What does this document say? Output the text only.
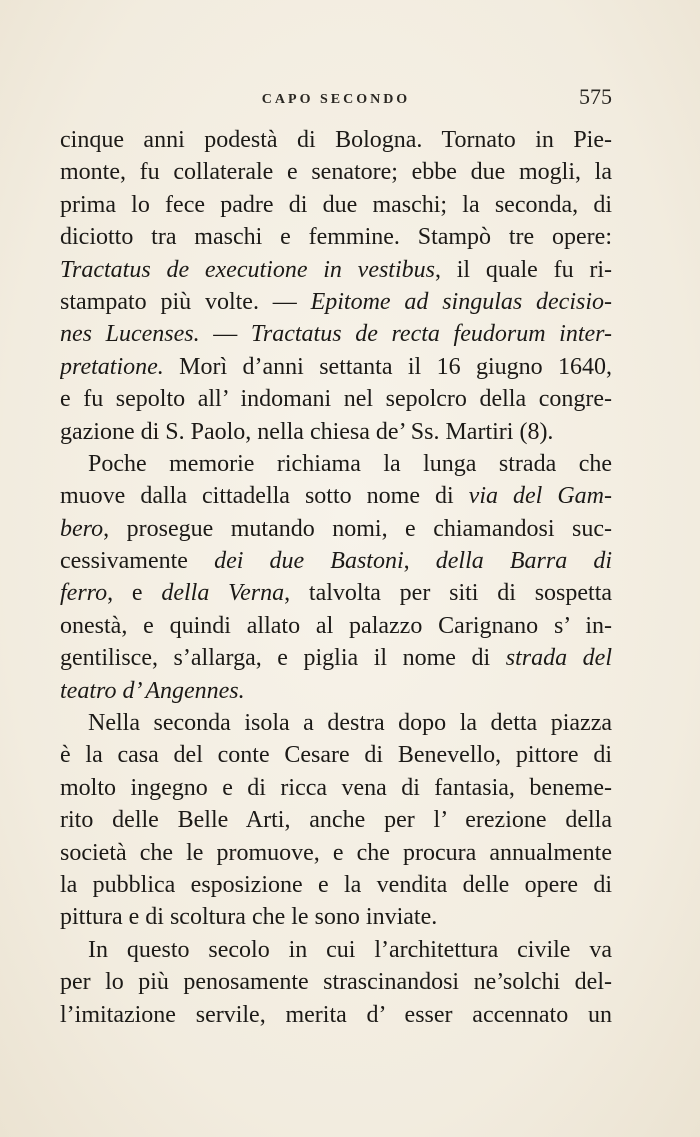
CAPO SECONDO	575
cinque anni podestà di Bologna. Tornato in Pie-
monte, fu collaterale e senatore; ebbe due mogli, la
prima lo fece padre di due maschi; la seconda, di
diciotto tra maschi e femmine. Stampò tre opere:
Tractatus de executione in vestibus, il quale fu ri-
stampato più volte. — Epitome ad singulas decisio-
nes Lucenses. — Tractatus de recta feudorum inter-
pretatione. Morì d’anni settanta il 16 giugno 1640,
e fu sepolto all’ indomani nel sepolcro della congre-
gazione di S. Paolo, nella chiesa de’ Ss. Martiri (8).
Poche memorie richiama la lunga strada che
muove dalla cittadella sotto nome di via del Gam-
bero, prosegue mutando nomi, e chiamandosi suc-
cessivamente dei due Bastoni, della Barra di
ferro, e della Verna, talvolta per siti di sospetta
onestà, e quindi allato al palazzo Carignano s’ in-
gentilisce, s’allarga, e piglia il nome di strada del
teatro d’ Angennes.
Nella seconda isola a destra dopo la detta piazza
è la casa del conte Cesare di Benevello, pittore di
molto ingegno e di ricca vena di fantasia, beneme-
rito delle Belle Arti, anche per l’ erezione della
società che le promuove, e che procura annualmente
la pubblica esposizione e la vendita delle opere di
pittura e di scoltura che le sono inviate.
In questo secolo in cui l’architettura civile va
per lo più penosamente strascinandosi ne’solchi del-
l’imitazione servile, merita d’ esser accennato un
